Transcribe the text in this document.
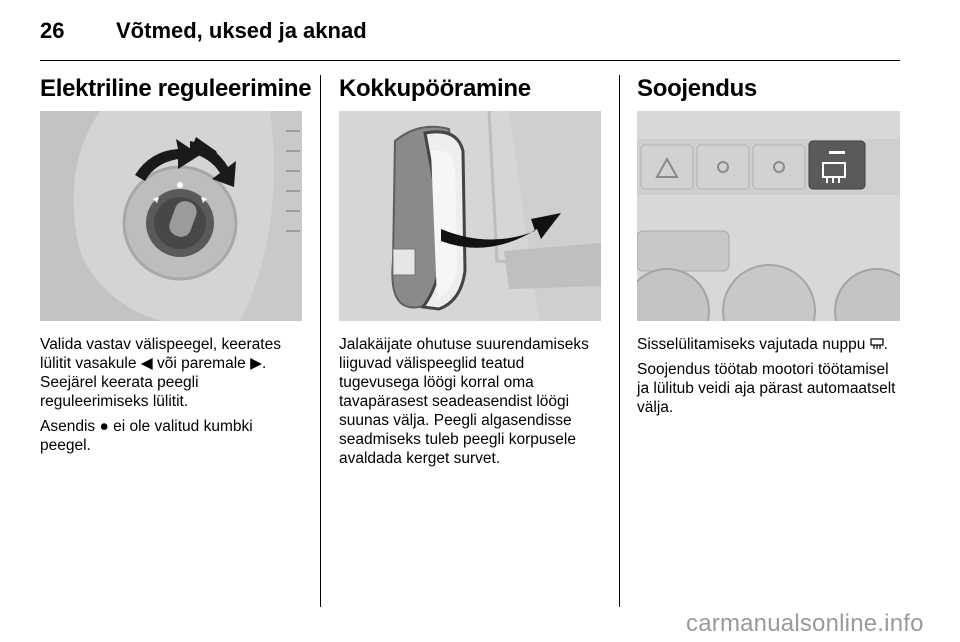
26 Võtmed, uksed ja aknad
Elektriline reguleerimine

Valida vastav välispeegel, keerates lülitit vasakule ◀ või paremale ▶. Seejärel keerata peegli reguleerimiseks lülitit.

Asendis ● ei ole valitud kumbki peegel.

Kokkupööramine

Jalakäijate ohutuse suurendamiseks liiguvad välispeeglid teatud tugevusega löögi korral oma tavapärasest seadeasendist löögi suunas välja. Peegli algasendisse seadmiseks tuleb peegli korpusele avaldada kerget survet.

Soojendus

Sisselülitamiseks vajutada nuppu .

Soojendus töötab mootori töötamisel ja lülitub veidi aja pärast automaatselt välja.

carmanualsonline.info
